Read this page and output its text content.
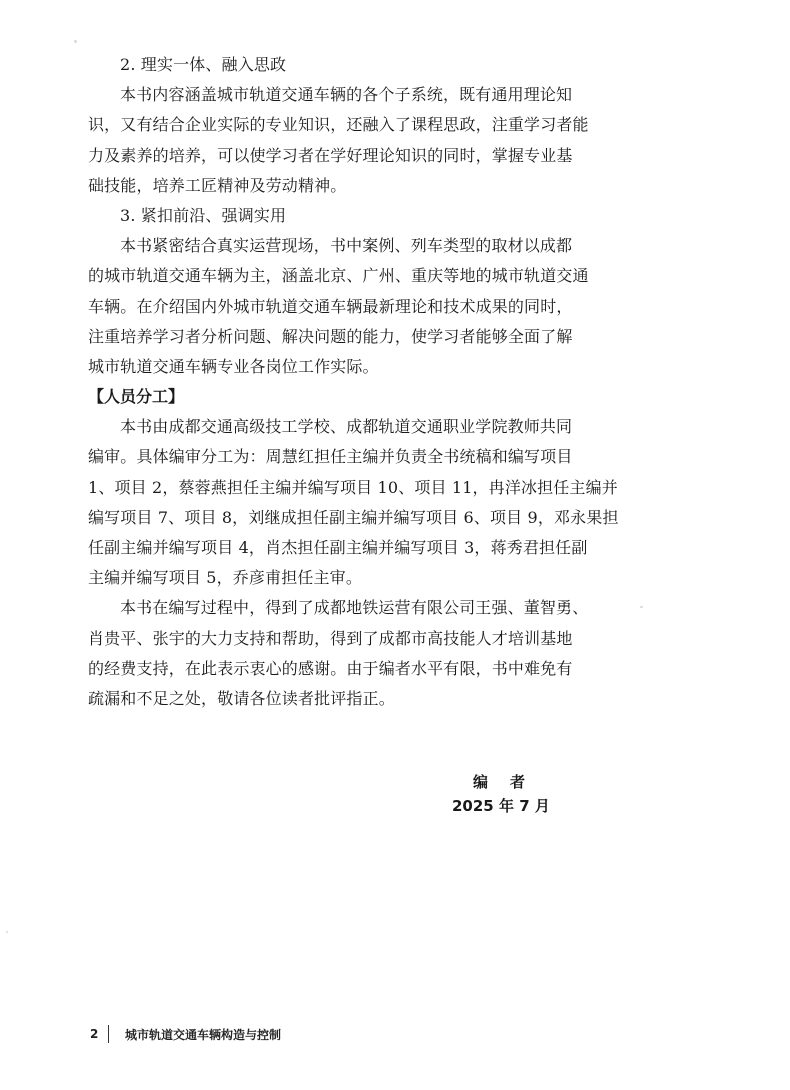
2. 理实一体、融入思政
本书内容涵盖城市轨道交通车辆的各个子系统，既有通用理论知
识，又有结合企业实际的专业知识，还融入了课程思政，注重学习者能
力及素养的培养，可以使学习者在学好理论知识的同时，掌握专业基
础技能，培养工匠精神及劳动精神。
3. 紧扣前沿、强调实用
本书紧密结合真实运营现场，书中案例、列车类型的取材以成都
的城市轨道交通车辆为主，涵盖北京、广州、重庆等地的城市轨道交通
车辆。在介绍国内外城市轨道交通车辆最新理论和技术成果的同时，
注重培养学习者分析问题、解决问题的能力，使学习者能够全面了解
城市轨道交通车辆专业各岗位工作实际。
【人员分工】
本书由成都交通高级技工学校、成都轨道交通职业学院教师共同
编审。具体编审分工为：周慧红担任主编并负责全书统稿和编写项目
1、项目 2，蔡蓉燕担任主编并编写项目 10、项目 11，冉洋冰担任主编并
编写项目 7、项目 8，刘继成担任副主编并编写项目 6、项目 9，邓永果担
任副主编并编写项目 4，肖杰担任副主编并编写项目 3，蒋秀君担任副
主编并编写项目 5，乔彦甫担任主审。
本书在编写过程中，得到了成都地铁运营有限公司王强、董智勇、
肖贵平、张宇的大力支持和帮助，得到了成都市高技能人才培训基地
的经费支持，在此表示衷心的感谢。由于编者水平有限，书中难免有
疏漏和不足之处，敬请各位读者批评指正。
编者
2025 年 7 月
2	城市轨道交通车辆构造与控制
